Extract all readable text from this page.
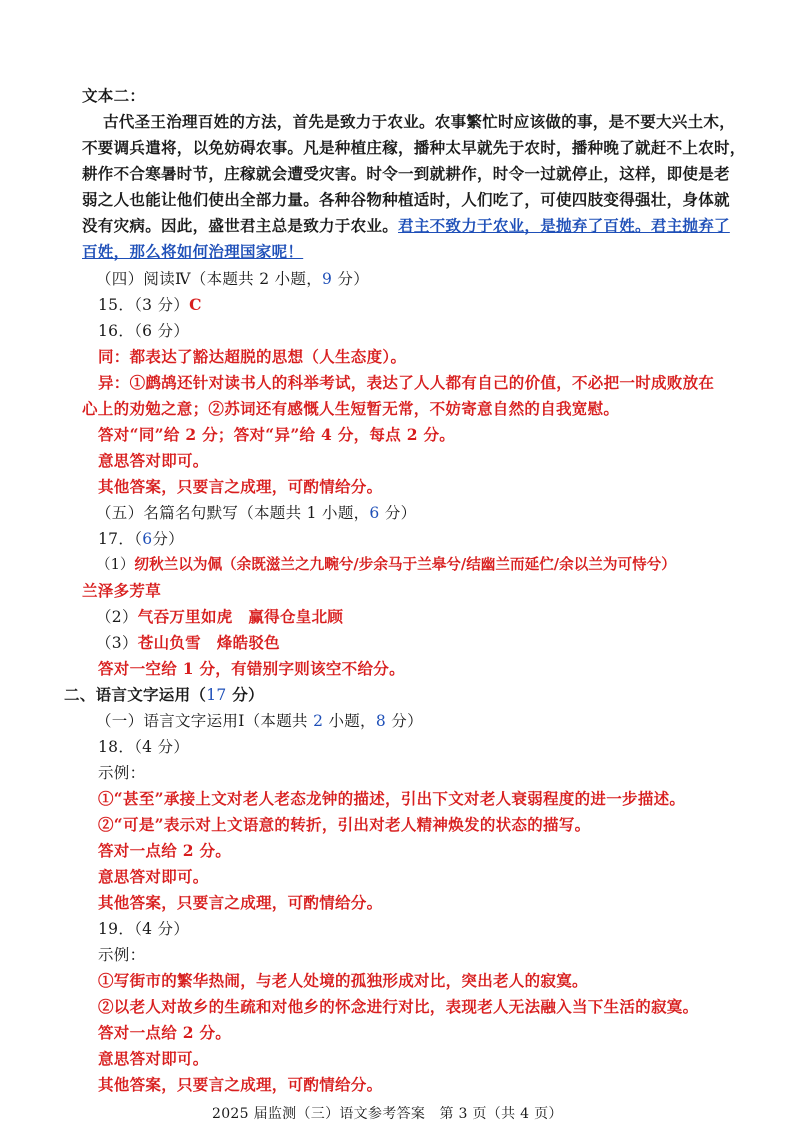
文本二：
古代圣王治理百姓的方法，首先是致力于农业。农事繁忙时应该做的事，是不要大兴土木，
不要调兵遣将，以免妨碍农事。凡是种植庄稼，播种太早就先于农时，播种晚了就赶不上农时，
耕作不合寒暑时节，庄稼就会遭受灾害。时令一到就耕作，时令一过就停止，这样，即使是老
弱之人也能让他们使出全部力量。各种谷物种植适时，人们吃了，可使四肢变得强壮，身体就
没有灾病。因此，盛世君主总是致力于农业。君主不致力于农业，是抛弃了百姓。君主抛弃了
百姓，那么将如何治理国家呢！
（四）阅读Ⅳ（本题共 2 小题，9 分）
15．（3 分）C
16．（6 分）
同：都表达了豁达超脱的思想（人生态度）。
异：①鹧鸪还针对读书人的科举考试，表达了人人都有自己的价值，不必把一时成败放在
心上的劝勉之意；②苏词还有感慨人生短暂无常，不妨寄意自然的自我宽慰。
答对“同”给 2 分；答对“异”给 4 分，每点 2 分。
意思答对即可。
其他答案，只要言之成理，可酌情给分。
（五）名篇名句默写（本题共 1 小题，6 分）
17．（6分）
（1）纫秋兰以为佩（余既滋兰之九畹兮/步余马于兰皋兮/结幽兰而延伫/余以兰为可恃兮）
兰泽多芳草
（2）气吞万里如虎　赢得仓皇北顾
（3）苍山负雪　烽皓驳色
答对一空给 1 分，有错别字则该空不给分。
二、语言文字运用（17 分）
（一）语言文字运用Ⅰ（本题共 2 小题，8 分）
18．（4 分）
示例：
①“甚至”承接上文对老人老态龙钟的描述，引出下文对老人衰弱程度的进一步描述。
②“可是”表示对上文语意的转折，引出对老人精神焕发的状态的描写。
答对一点给 2 分。
意思答对即可。
其他答案，只要言之成理，可酌情给分。
19．（4 分）
示例：
①写街市的繁华热闹，与老人处境的孤独形成对比，突出老人的寂寞。
②以老人对故乡的生疏和对他乡的怀念进行对比，表现老人无法融入当下生活的寂寞。
答对一点给 2 分。
意思答对即可。
其他答案，只要言之成理，可酌情给分。
2025 届监测（三）语文参考答案　第 3 页（共 4 页）
